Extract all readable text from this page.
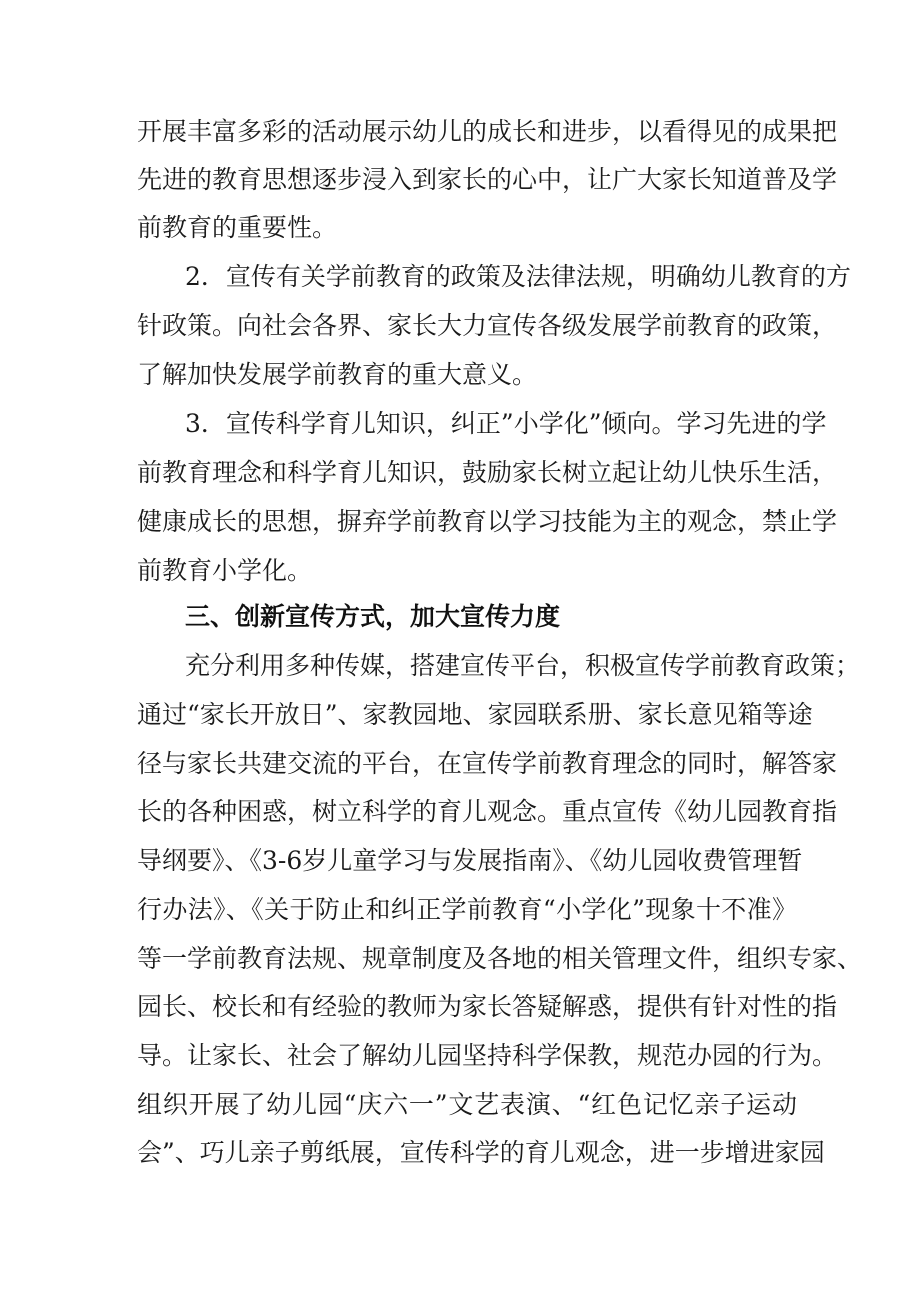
开展丰富多彩的活动展示幼儿的成长和进步，以看得见的成果把
先进的教育思想逐步浸入到家长的心中，让广大家长知道普及学
前教育的重要性。
2．宣传有关学前教育的政策及法律法规，明确幼儿教育的方
针政策。向社会各界、家长大力宣传各级发展学前教育的政策，
了解加快发展学前教育的重大意义。
3．宣传科学育儿知识，纠正”小学化”倾向。学习先进的学
前教育理念和科学育儿知识，鼓励家长树立起让幼儿快乐生活，
健康成长的思想，摒弃学前教育以学习技能为主的观念，禁止学
前教育小学化。
三、创新宣传方式，加大宣传力度
充分利用多种传媒，搭建宣传平台，积极宣传学前教育政策；
通过“家长开放日”、家教园地、家园联系册、家长意见箱等途
径与家长共建交流的平台，在宣传学前教育理念的同时，解答家
长的各种困惑，树立科学的育儿观念。重点宣传《幼儿园教育指
导纲要》、《3-6岁儿童学习与发展指南》、《幼儿园收费管理暂
行办法》、《关于防止和纠正学前教育“小学化”现象十不准》
等一学前教育法规、规章制度及各地的相关管理文件，组织专家、
园长、校长和有经验的教师为家长答疑解惑，提供有针对性的指
导。让家长、社会了解幼儿园坚持科学保教，规范办园的行为。
组织开展了幼儿园“庆六一”文艺表演、“红色记忆亲子运动
会”、巧儿亲子剪纸展，宣传科学的育儿观念，进一步增进家园
